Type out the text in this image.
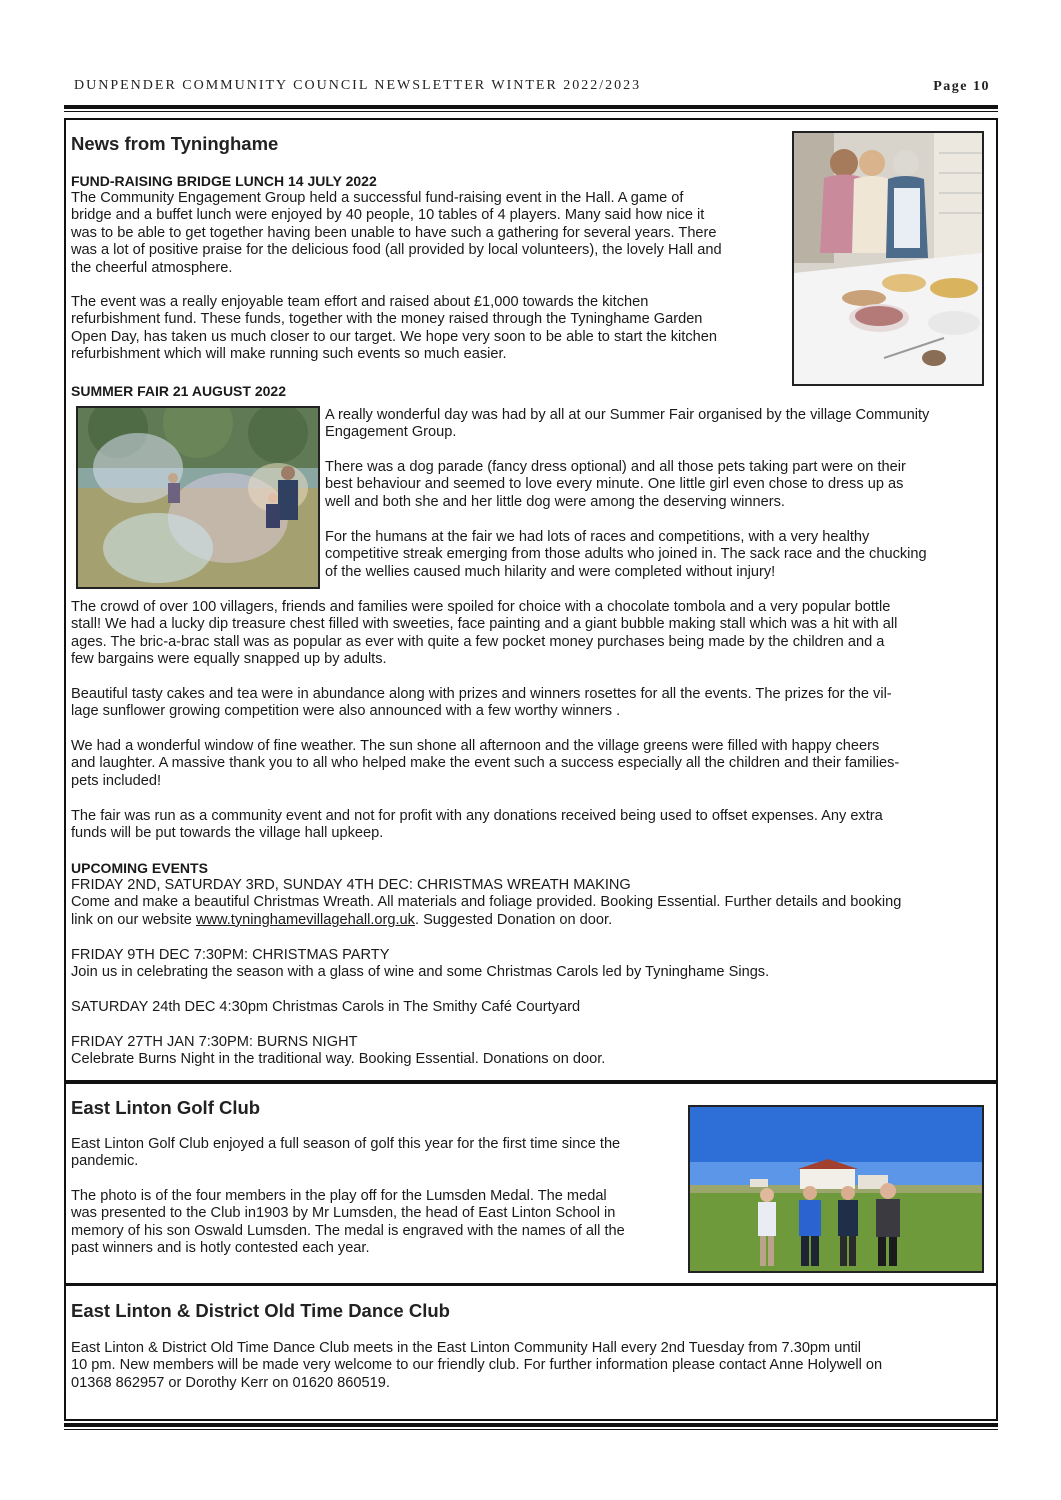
DUNPENDER COMMUNITY COUNCIL NEWSLETTER WINTER 2022/2023	Page 10
News from Tyninghame
FUND-RAISING BRIDGE LUNCH 14 JULY 2022
The Community Engagement Group held a successful fund-raising event in the Hall. A game of
bridge and a buffet lunch were enjoyed by 40 people, 10 tables of 4 players. Many said how nice it
was to be able to get together having been unable to have such a gathering for several years. There
was a lot of positive praise for the delicious food (all provided by local volunteers), the lovely Hall and
the cheerful atmosphere.
The event was a really enjoyable team effort and raised about £1,000 towards the kitchen
refurbishment fund. These funds, together with the money raised through the Tyninghame Garden
Open Day, has taken us much closer to our target. We hope very soon to be able to start the kitchen
refurbishment which will make running such events so much easier.
SUMMER FAIR 21 AUGUST 2022
A really wonderful day was had by all at our Summer Fair organised by the village Community
Engagement Group.
There was a dog parade (fancy dress optional) and all those pets taking part were on their
best behaviour and seemed to love every minute. One little girl even chose to dress up as
well and both she and her little dog were among the deserving winners.
For the humans at the fair we had lots of races and competitions, with a very healthy
competitive streak emerging from those adults who joined in. The sack race and the chucking
of the wellies caused much hilarity and were completed without injury!
The crowd of over 100 villagers, friends and families were spoiled for choice with a chocolate tombola and a very popular bottle
stall! We had a lucky dip treasure chest filled with sweeties, face painting and a giant bubble making stall which was a hit with all
ages. The bric-a-brac stall was as popular as ever with quite a few pocket money purchases being made by the children and a
few bargains were equally snapped up by adults.
Beautiful tasty cakes and tea were in abundance along with prizes and winners rosettes for all the events. The prizes for the vil-
lage sunflower growing competition were also announced with a few worthy winners .
We had a wonderful window of fine weather. The sun shone all afternoon and the village greens were filled with happy cheers
and laughter. A massive thank you to all who helped make the event such a success especially all the children and their families-
pets included!
The fair was run as a community event and not for profit with any donations received being used to offset expenses. Any extra
funds will be put towards the village hall upkeep.
UPCOMING EVENTS
FRIDAY 2ND, SATURDAY 3RD, SUNDAY 4TH DEC: CHRISTMAS WREATH MAKING
Come and make a beautiful Christmas Wreath. All materials and foliage provided. Booking Essential. Further details and booking
link on our website www.tyninghamevillagehall.org.uk. Suggested Donation on door.
FRIDAY 9TH DEC 7:30PM: CHRISTMAS PARTY
Join us in celebrating the season with a glass of wine and some Christmas Carols led by Tyninghame Sings.
SATURDAY 24th DEC 4:30pm Christmas Carols in The Smithy Café Courtyard
FRIDAY 27TH JAN 7:30PM: BURNS NIGHT
Celebrate Burns Night in the traditional way. Booking Essential. Donations on door.
East Linton Golf Club
East Linton Golf Club enjoyed a full season of golf this year for the first time since the
pandemic.
The photo is of the four members in the play off for the Lumsden Medal. The medal
was presented to the Club in1903 by Mr Lumsden, the head of East Linton School in
memory of his son Oswald Lumsden. The medal is engraved with the names of all the
past winners and is hotly contested each year.
East Linton & District Old Time Dance Club
East Linton & District Old Time Dance Club meets in the East Linton Community Hall every 2nd Tuesday from 7.30pm until
10 pm. New members will be made very welcome to our friendly club. For further information please contact Anne Holywell on
01368 862957 or Dorothy Kerr on 01620 860519.
